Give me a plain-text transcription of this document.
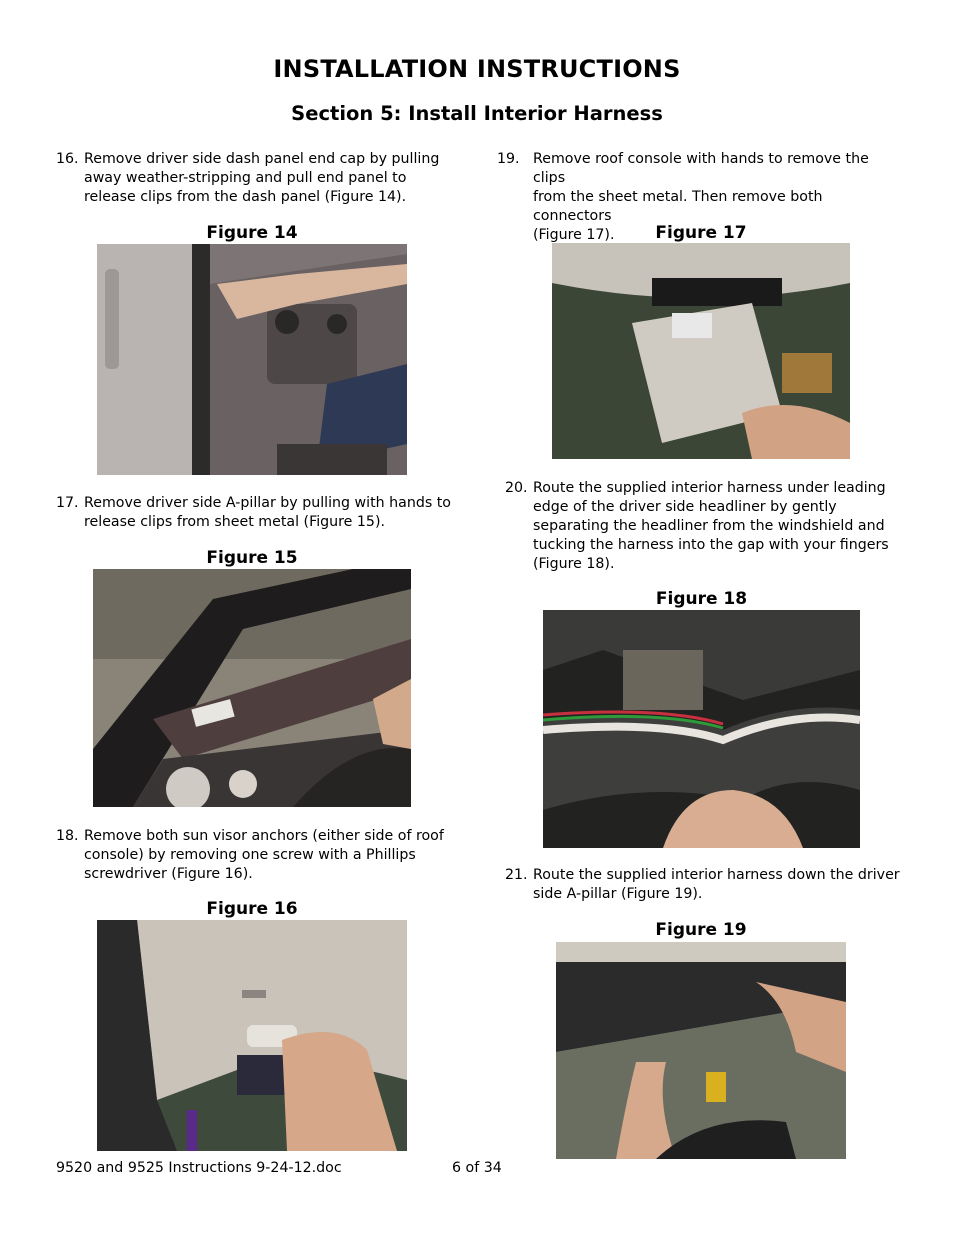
INSTALLATION INSTRUCTIONS
Section 5: Install Interior Harness
16. Remove driver side dash panel end cap by pulling
away weather-stripping and pull end panel to
release clips from the dash panel (Figure 14).
Figure 14
17. Remove driver side A-pillar by pulling with hands to
release clips from sheet metal (Figure 15).
Figure 15
18. Remove both sun visor anchors (either side of roof
console) by removing one screw with a Phillips
screwdriver (Figure 16).
Figure 16
19. Remove roof console with hands to remove the clips
from the sheet metal. Then remove both connectors
(Figure 17).	Figure 17
20. Route the supplied interior harness under leading
edge of the driver side headliner by gently
separating the headliner from the windshield and
tucking the harness into the gap with your fingers
(Figure 18).
Figure 18
21. Route the supplied interior harness down the driver
side A-pillar (Figure 19).
Figure 19
9520 and 9525 Instructions 9-24-12.doc	6 of 34
